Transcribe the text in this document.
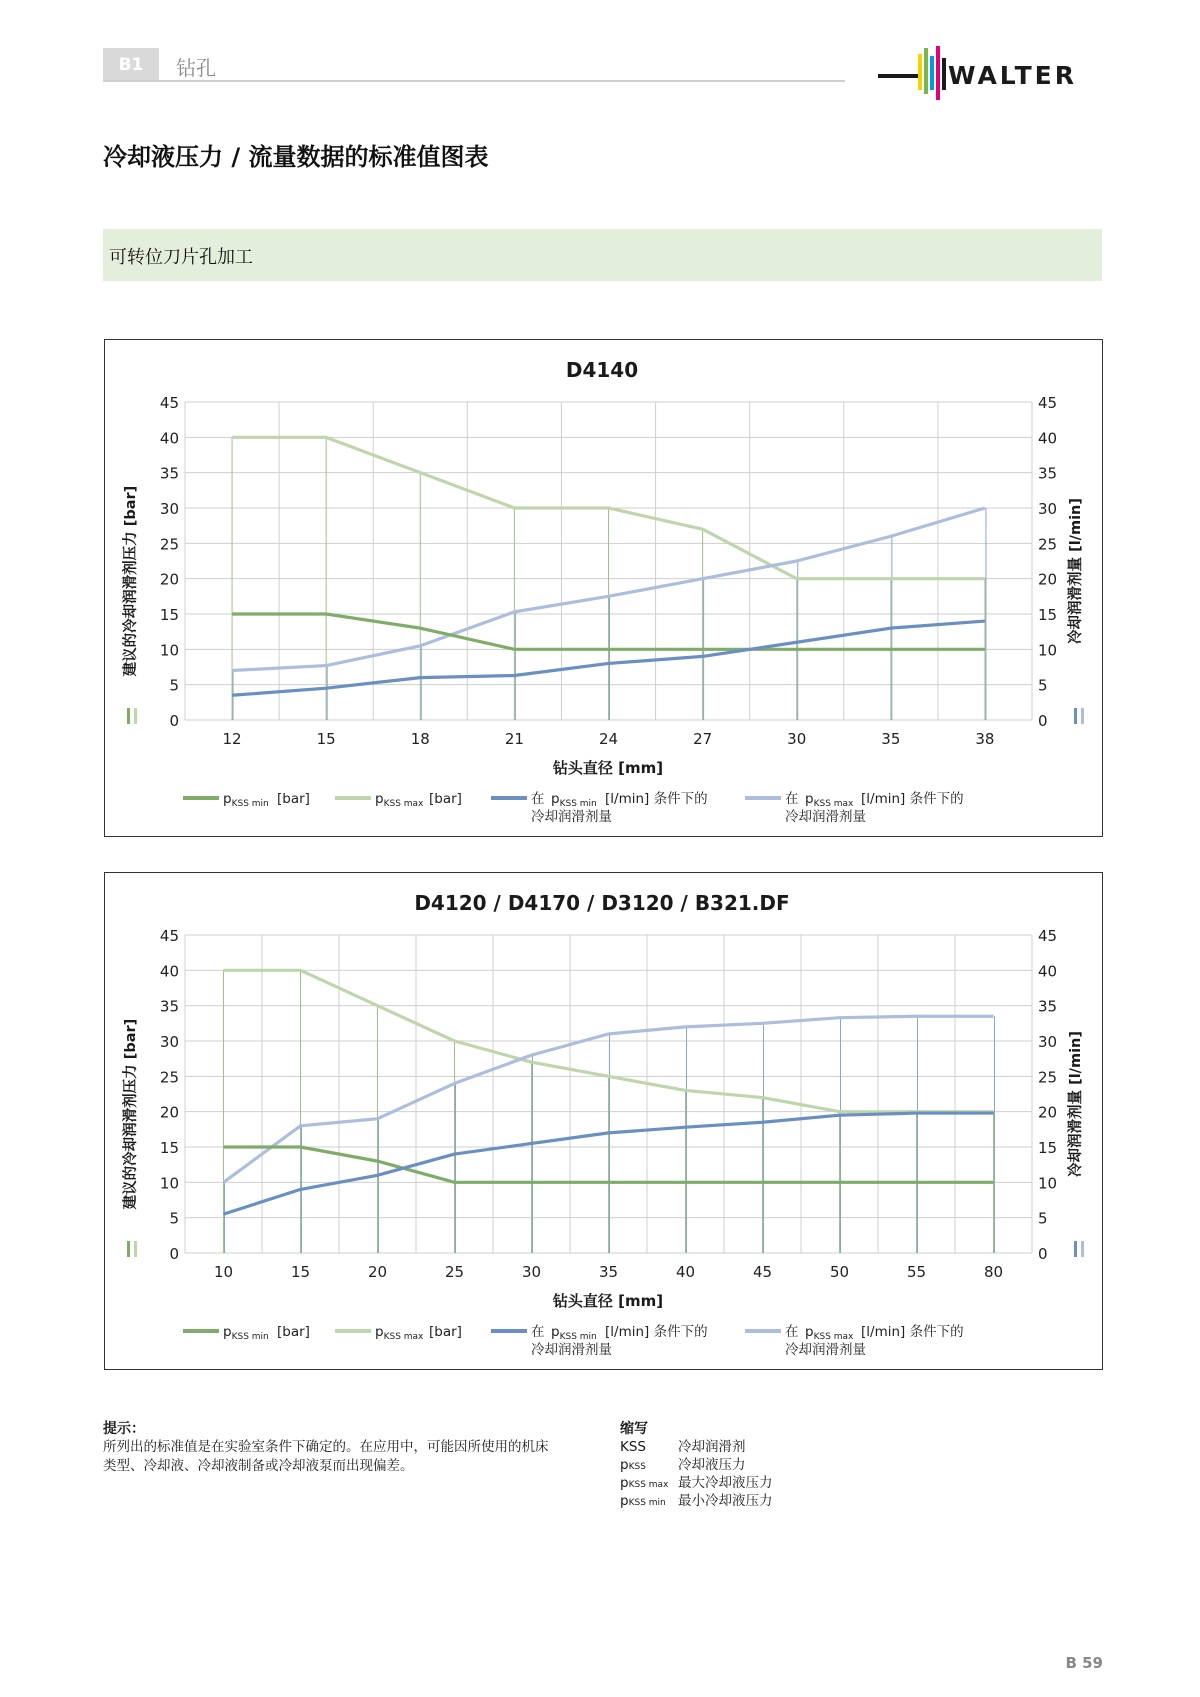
B1	钻孔	WALTER
冷却液压力 / 流量数据的标准值图表
可转位刀片孔加工
D4140
0	0
5	5
10	10
15	15
20	20
25	25
30	30
35	35
40	40
45	45
12	15	18	21	24	27	30	35	38
钻头直径 [mm]
建议的冷却润滑剂压力 [bar]	冷却润滑剂量 [l/min]
$p_{KSS min}$ [bar]	$p_{KSS max}$ [bar]	在 $p_{KSS min}$ [l/min] 条件下的
冷却润滑剂量
在 $p_{KSS max}$ [l/min] 条件下的
冷却润滑剂量
D4120 / D4170 / D3120 / B321.DF
0	0
5	5
10	10
15	15
20	20
25	25
30	30
35	35
40	40
45	45
10	15	20	25	30	35	40	45	50	55	80
钻头直径 [mm]
建议的冷却润滑剂压力 [bar]	冷却润滑剂量 [l/min]
$p_{KSS min}$ [bar]	$p_{KSS max}$ [bar]	在 $p_{KSS min}$ [l/min] 条件下的
冷却润滑剂量
在 $p_{KSS max}$ [l/min] 条件下的
冷却润滑剂量
提示：
所列出的标准值是在实验室条件下确定的。在应用中，可能因所使用的机床
类型、冷却液、冷却液制备或冷却液泵而出现偏差。
缩写
KSS	冷却润滑剂
pKSS	冷却液压力
pKSS max 最大冷却液压力
pKSS min 最小冷却液压力
B 59
